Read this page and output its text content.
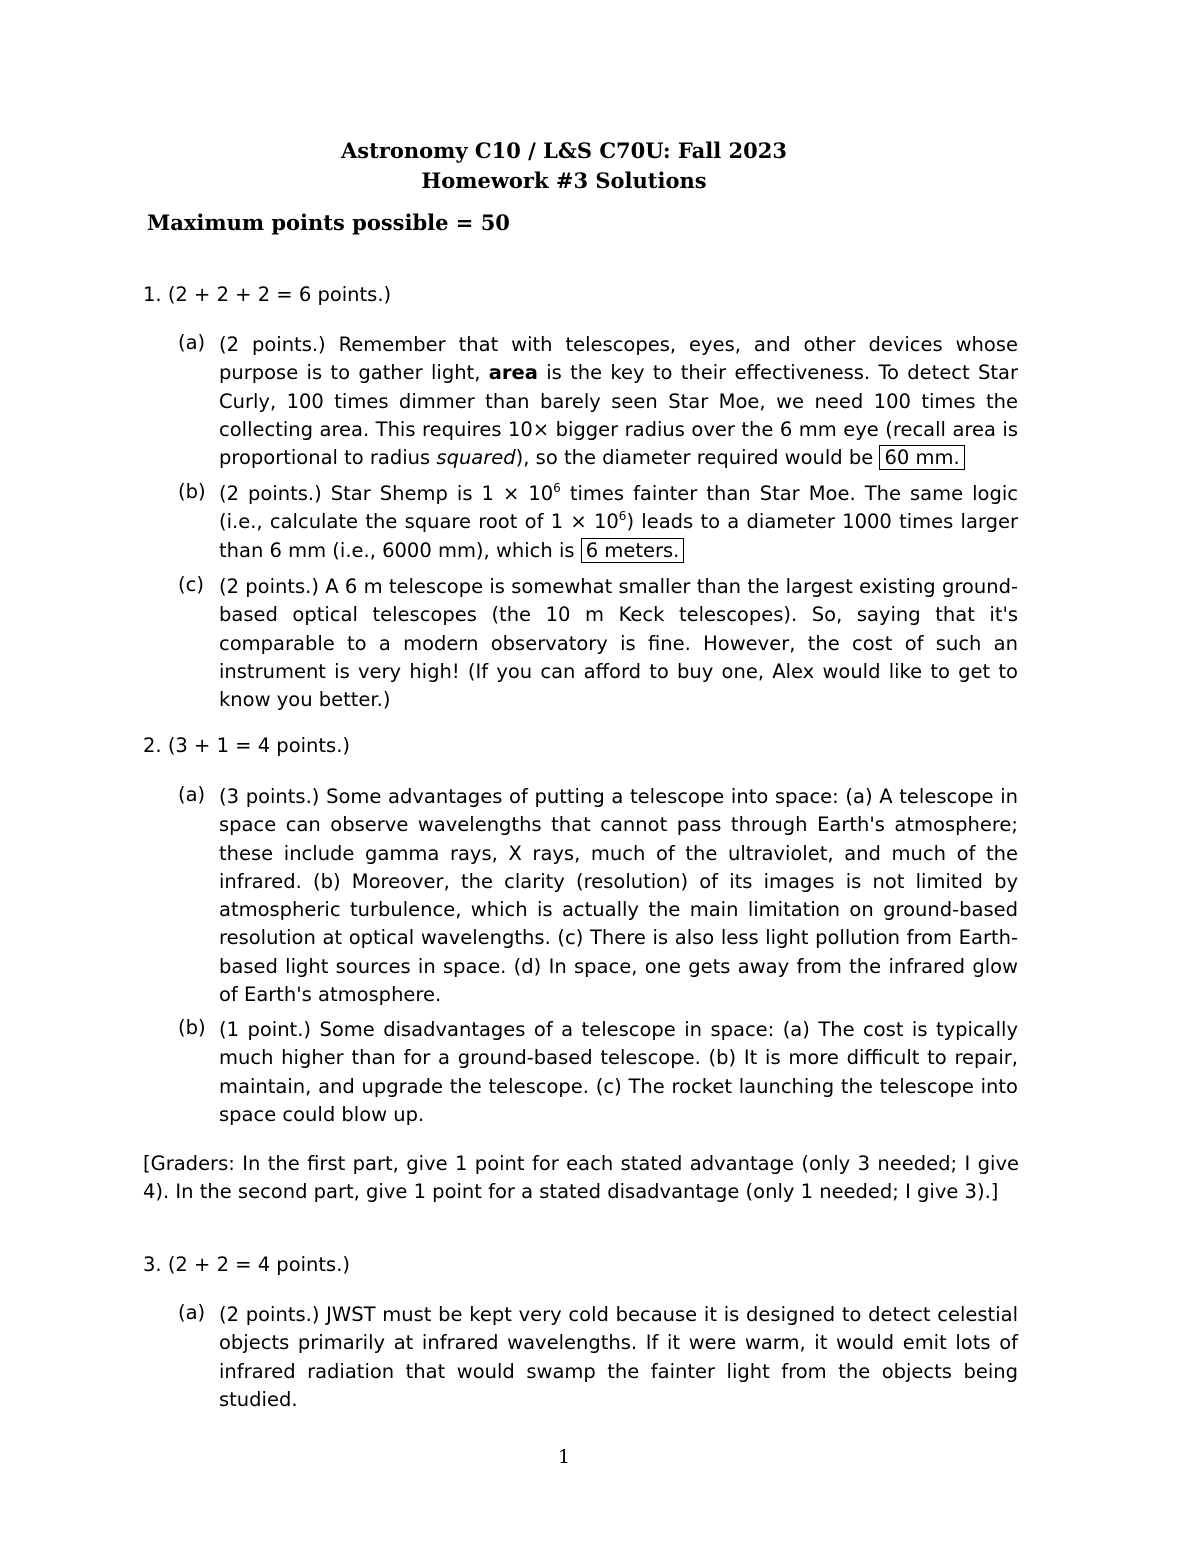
Astronomy C10 / L&S C70U: Fall 2023
Homework #3 Solutions
Maximum points possible = 50
1. (2 + 2 + 2 = 6 points.)
(a) (2 points.) Remember that with telescopes, eyes, and other devices whose purpose is to gather light, area is the key to their effectiveness. To detect Star Curly, 100 times dimmer than barely seen Star Moe, we need 100 times the collecting area. This requires 10× bigger radius over the 6 mm eye (recall area is proportional to radius squared), so the diameter required would be 60 mm.
(b) (2 points.) Star Shemp is $1 \times 10^6$ times fainter than Star Moe. The same logic (i.e., calculate the square root of $1 \times 10^6$) leads to a diameter 1000 times larger than 6 mm (i.e., 6000 mm), which is 6 meters.
(c) (2 points.) A 6 m telescope is somewhat smaller than the largest existing ground-based optical telescopes (the 10 m Keck telescopes). So, saying that it's comparable to a modern observatory is fine. However, the cost of such an instrument is very high! (If you can afford to buy one, Alex would like to get to know you better.)
2. (3 + 1 = 4 points.)
(a) (3 points.) Some advantages of putting a telescope into space: (a) A telescope in space can observe wavelengths that cannot pass through Earth's atmosphere; these include gamma rays, X rays, much of the ultraviolet, and much of the infrared. (b) Moreover, the clarity (resolution) of its images is not limited by atmospheric turbulence, which is actually the main limitation on ground-based resolution at optical wavelengths. (c) There is also less light pollution from Earth-based light sources in space. (d) In space, one gets away from the infrared glow of Earth's atmosphere.
(b) (1 point.) Some disadvantages of a telescope in space: (a) The cost is typically much higher than for a ground-based telescope. (b) It is more difficult to repair, maintain, and upgrade the telescope. (c) The rocket launching the telescope into space could blow up.
[Graders: In the first part, give 1 point for each stated advantage (only 3 needed; I give 4). In the second part, give 1 point for a stated disadvantage (only 1 needed; I give 3).]
3. (2 + 2 = 4 points.)
(a) (2 points.) JWST must be kept very cold because it is designed to detect celestial objects primarily at infrared wavelengths. If it were warm, it would emit lots of infrared radiation that would swamp the fainter light from the objects being studied.
1
